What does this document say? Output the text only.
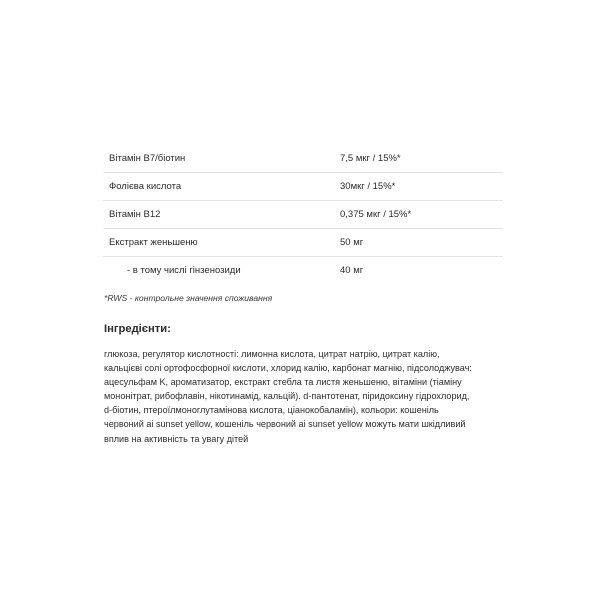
Вітамін B7/біотин	7,5 мкг / 15%*
Фолієва кислота	30мкг / 15%*
Вітамін B12	0,375 мкг / 15%*
Екстракт женьшеню	50 мг
- в тому числі гінзенозиди	40 мг
*RWS - контрольне значення споживання
Інгредієнти:
глюкоза, регулятор кислотності: лимонна кислота, цитрат натрію, цитрат калію,
кальцієві солі ортофосфорної кислоти, хлорид калію, карбонат магнію, підсолоджувач:
ацесульфам K, ароматизатор, екстракт стебла та листя женьшеню, вітаміни (тіаміну
мононітрат, рибофлавін, нікотинамід, кальцій). d-пантотенат, піридоксину гідрохлорид,
d-біотин, птероїлмоноглутамінова кислота, ціанокобаламін), кольори: кошеніль
червоний аі sunset yellow, кошеніль червоний аі sunset yellow можуть мати шкідливий
вплив на активність та увагу дітей
